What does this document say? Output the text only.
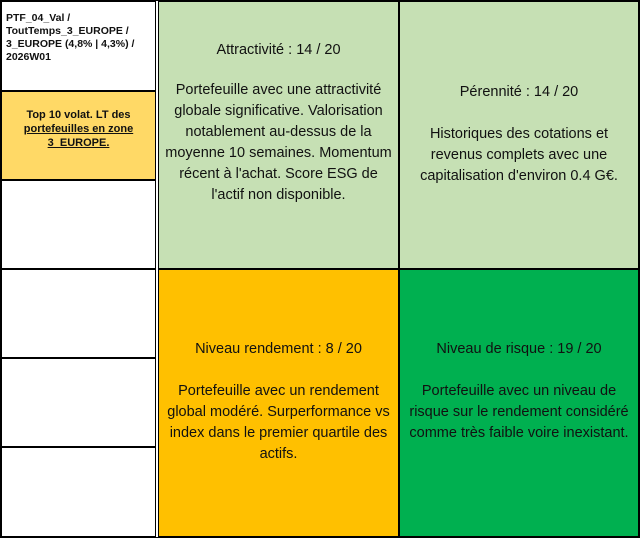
PTF_04_Val / ToutTemps_3_EUROPE / 3_EUROPE (4,8% | 4,3%) / 2026W01
Top 10 volat. LT des portefeuilles en zone 3_EUROPE.
Attractivité : 14 / 20
Portefeuille avec une attractivité globale significative. Valorisation notablement au-dessus de la moyenne 10 semaines. Momentum récent à l'achat. Score ESG de l'actif non disponible.
Pérennité : 14 / 20
Historiques des cotations et revenus complets avec une capitalisation d'environ 0.4 G€.
Niveau rendement : 8 / 20
Portefeuille avec un rendement global modéré. Surperformance vs index dans le premier quartile des actifs.
Niveau de risque : 19 / 20
Portefeuille avec un niveau de risque sur le rendement considéré comme très faible voire inexistant.
